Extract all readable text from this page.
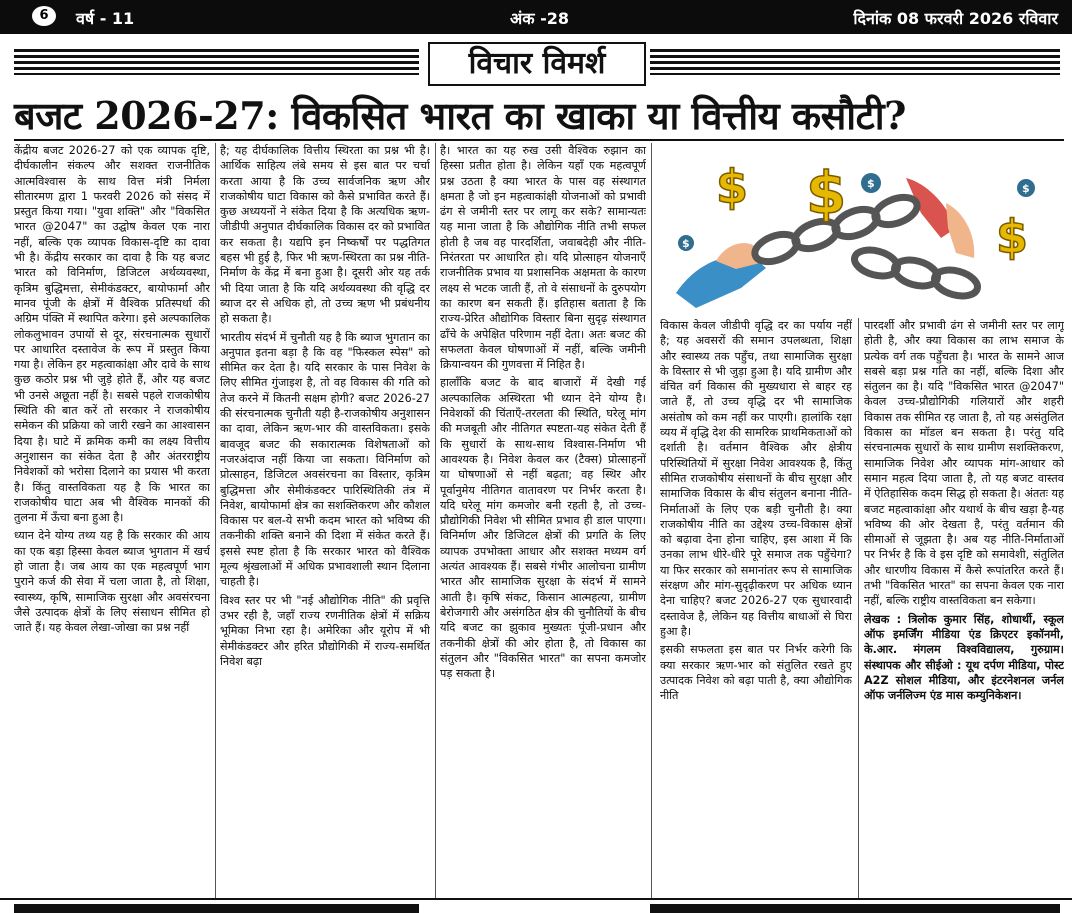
6	वर्ष - 11	अंक -28	दिनांक 08 फरवरी 2026 रविवार
विचार विमर्श
बजट 2026-27: विकसित भारत का खाका या वित्तीय कसौटी?

केंद्रीय बजट 2026-27 को एक व्यापक दृष्टि, दीर्घकालीन संकल्प और सशक्त राजनीतिक आत्मविश्वास के साथ वित्त मंत्री निर्मला सीतारमण द्वारा 1 फरवरी 2026 को संसद में प्रस्तुत किया गया। "युवा शक्ति" और "विकसित भारत @2047" का उद्घोष केवल एक नारा नहीं, बल्कि एक व्यापक विकास-दृष्टि का दावा भी है। केंद्रीय सरकार का दावा है कि यह बजट भारत को विनिर्माण, डिजिटल अर्थव्यवस्था, कृत्रिम बुद्धिमत्ता, सेमीकंडक्टर, बायोफार्मा और मानव पूंजी के क्षेत्रों में वैश्विक प्रतिस्पर्धा की अग्रिम पंक्ति में स्थापित करेगा। इसे अल्पकालिक लोकलुभावन उपायों से दूर, संरचनात्मक सुधारों पर आधारित दस्तावेज के रूप में प्रस्तुत किया गया है। लेकिन हर महत्वाकांक्षा और दावे के साथ कुछ कठोर प्रश्न भी जुड़े होते हैं, और यह बजट भी उनसे अछूता नहीं है। सबसे पहले राजकोषीय स्थिति की बात करें तो सरकार ने राजकोषीय समेकन की प्रक्रिया को जारी रखने का आश्वासन दिया है। घाटे में क्रमिक कमी का लक्ष्य वित्तीय अनुशासन का संकेत देता है और अंतरराष्ट्रीय निवेशकों को भरोसा दिलाने का प्रयास भी करता है। किंतु वास्तविकता यह है कि भारत का राजकोषीय घाटा अब भी वैश्विक मानकों की तुलना में ऊँचा बना हुआ है।

ध्यान देने योग्य तथ्य यह है कि सरकार की आय का एक बड़ा हिस्सा केवल ब्याज भुगतान में खर्च हो जाता है। जब आय का एक महत्वपूर्ण भाग पुराने कर्ज की सेवा में चला जाता है, तो शिक्षा, स्वास्थ्य, कृषि, सामाजिक सुरक्षा और अवसंरचना जैसे उत्पादक क्षेत्रों के लिए संसाधन सीमित हो जाते हैं। यह केवल लेखा-जोखा का प्रश्न नहीं

है; यह दीर्घकालिक वित्तीय स्थिरता का प्रश्न भी है। आर्थिक साहित्य लंबे समय से इस बात पर चर्चा करता आया है कि उच्च सार्वजनिक ऋण और राजकोषीय घाटा विकास को कैसे प्रभावित करते हैं। कुछ अध्ययनों ने संकेत दिया है कि अत्यधिक ऋण-जीडीपी अनुपात दीर्घकालिक विकास दर को प्रभावित कर सकता है। यद्यपि इन निष्कर्षों पर पद्धतिगत बहस भी हुई है, फिर भी ऋण-स्थिरता का प्रश्न नीति-निर्माण के केंद्र में बना हुआ है। दूसरी ओर यह तर्क भी दिया जाता है कि यदि अर्थव्यवस्था की वृद्धि दर ब्याज दर से अधिक हो, तो उच्च ऋण भी प्रबंधनीय हो सकता है।

भारतीय संदर्भ में चुनौती यह है कि ब्याज भुगतान का अनुपात इतना बड़ा है कि वह "फिस्कल स्पेस" को सीमित कर देता है। यदि सरकार के पास निवेश के लिए सीमित गुंजाइश है, तो वह विकास की गति को तेज करने में कितनी सक्षम होगी? बजट 2026-27 की संरचनात्मक चुनौती यही है-राजकोषीय अनुशासन का दावा, लेकिन ऋण-भार की वास्तविकता। इसके बावजूद बजट की सकारात्मक विशेषताओं को नजरअंदाज नहीं किया जा सकता। विनिर्माण को प्रोत्साहन, डिजिटल अवसंरचना का विस्तार, कृत्रिम बुद्धिमत्ता और सेमीकंडक्टर पारिस्थितिकी तंत्र में निवेश, बायोफार्मा क्षेत्र का सशक्तिकरण और कौशल विकास पर बल-ये सभी कदम भारत को भविष्य की तकनीकी शक्ति बनाने की दिशा में संकेत करते हैं। इससे स्पष्ट होता है कि सरकार भारत को वैश्विक मूल्य श्रृंखलाओं में अधिक प्रभावशाली स्थान दिलाना चाहती है।

विश्व स्तर पर भी "नई औद्योगिक नीति" की प्रवृत्ति उभर रही है, जहाँ राज्य रणनीतिक क्षेत्रों में सक्रिय भूमिका निभा रहा है। अमेरिका और यूरोप में भी सेमीकंडक्टर और हरित प्रौद्योगिकी में राज्य-समर्थित निवेश बढ़ा

है। भारत का यह रुख उसी वैश्विक रुझान का हिस्सा प्रतीत होता है। लेकिन यहाँ एक महत्वपूर्ण प्रश्न उठता है क्या भारत के पास वह संस्थागत क्षमता है जो इन महत्वाकांक्षी योजनाओं को प्रभावी ढंग से जमीनी स्तर पर लागू कर सके? सामान्यतः यह माना जाता है कि औद्योगिक नीति तभी सफल होती है जब वह पारदर्शिता, जवाबदेही और नीति-निरंतरता पर आधारित हो। यदि प्रोत्साहन योजनाएँ राजनीतिक प्रभाव या प्रशासनिक अक्षमता के कारण लक्ष्य से भटक जाती हैं, तो वे संसाधनों के दुरुपयोग का कारण बन सकती हैं। इतिहास बताता है कि राज्य-प्रेरित औद्योगिक विस्तार बिना सुदृढ़ संस्थागत ढाँचे के अपेक्षित परिणाम नहीं देता। अतः बजट की सफलता केवल घोषणाओं में नहीं, बल्कि जमीनी क्रियान्वयन की गुणवत्ता में निहित है।

हालाँकि बजट के बाद बाजारों में देखी गई अल्पकालिक अस्थिरता भी ध्यान देने योग्य है। निवेशकों की चिंताएँ-तरलता की स्थिति, घरेलू मांग की मजबूती और नीतिगत स्पष्टता-यह संकेत देती हैं कि सुधारों के साथ-साथ विश्वास-निर्माण भी आवश्यक है। निवेश केवल कर (टैक्स) प्रोत्साहनों या घोषणाओं से नहीं बढ़ता; वह स्थिर और पूर्वानुमेय नीतिगत वातावरण पर निर्भर करता है। यदि घरेलू मांग कमजोर बनी रहती है, तो उच्च-प्रौद्योगिकी निवेश भी सीमित प्रभाव ही डाल पाएगा। विनिर्माण और डिजिटल क्षेत्रों की प्रगति के लिए व्यापक उपभोक्ता आधार और सशक्त मध्यम वर्ग अत्यंत आवश्यक हैं। सबसे गंभीर आलोचना ग्रामीण भारत और सामाजिक सुरक्षा के संदर्भ में सामने आती है। कृषि संकट, किसान आत्महत्या, ग्रामीण बेरोजगारी और असंगठित क्षेत्र की चुनौतियों के बीच यदि बजट का झुकाव मुख्यतः पूंजी-प्रधान और तकनीकी क्षेत्रों की ओर होता है, तो विकास का संतुलन और "विकसित भारत" का सपना कमजोर पड़ सकता है।

$ $
$
$	$
$

विकास केवल जीडीपी वृद्धि दर का पर्याय नहीं है; यह अवसरों की समान उपलब्धता, शिक्षा और स्वास्थ्य तक पहुँच, तथा सामाजिक सुरक्षा के विस्तार से भी जुड़ा हुआ है। यदि ग्रामीण और वंचित वर्ग विकास की मुख्यधारा से बाहर रह जाते हैं, तो उच्च वृद्धि दर भी सामाजिक असंतोष को कम नहीं कर पाएगी। हालांकि रक्षा व्यय में वृद्धि देश की सामरिक प्राथमिकताओं को दर्शाती है। वर्तमान वैश्विक और क्षेत्रीय परिस्थितियों में सुरक्षा निवेश आवश्यक है, किंतु सीमित राजकोषीय संसाधनों के बीच सुरक्षा और सामाजिक विकास के बीच संतुलन बनाना नीति-निर्माताओं के लिए एक बड़ी चुनौती है। क्या राजकोषीय नीति का उद्देश्य उच्च-विकास क्षेत्रों को बढ़ावा देना होना चाहिए, इस आशा में कि उनका लाभ धीरे-धीरे पूरे समाज तक पहुँचेगा? या फिर सरकार को समानांतर रूप से सामाजिक संरक्षण और मांग-सुदृढ़ीकरण पर अधिक ध्यान देना चाहिए? बजट 2026-27 एक सुधारवादी दस्तावेज है, लेकिन यह वित्तीय बाधाओं से घिरा हुआ है।

इसकी सफलता इस बात पर निर्भर करेगी कि क्या सरकार ऋण-भार को संतुलित रखते हुए उत्पादक निवेश को बढ़ा पाती है, क्या औद्योगिक नीति

पारदर्शी और प्रभावी ढंग से जमीनी स्तर पर लागू होती है, और क्या विकास का लाभ समाज के प्रत्येक वर्ग तक पहुँचता है। भारत के सामने आज सबसे बड़ा प्रश्न गति का नहीं, बल्कि दिशा और संतुलन का है। यदि "विकसित भारत @2047" केवल उच्च-प्रौद्योगिकी गलियारों और शहरी विकास तक सीमित रह जाता है, तो यह असंतुलित विकास का मॉडल बन सकता है। परंतु यदि संरचनात्मक सुधारों के साथ ग्रामीण सशक्तिकरण, सामाजिक निवेश और व्यापक मांग-आधार को समान महत्व दिया जाता है, तो यह बजट वास्तव में ऐतिहासिक कदम सिद्ध हो सकता है। अंततः यह बजट महत्वाकांक्षा और यथार्थ के बीच खड़ा है-यह भविष्य की ओर देखता है, परंतु वर्तमान की सीमाओं से जूझता है। अब यह नीति-निर्माताओं पर निर्भर है कि वे इस दृष्टि को समावेशी, संतुलित और धारणीय विकास में कैसे रूपांतरित करते हैं। तभी "विकसित भारत" का सपना केवल एक नारा नहीं, बल्कि राष्ट्रीय वास्तविकता बन सकेगा।

लेखक : त्रिलोक कुमार सिंह, शोधार्थी, स्कूल ऑफ इमर्जिंग मीडिया एंड क्रिएटर इकॉनमी, के.आर. मंगलम विश्वविद्यालय, गुरुग्राम। संस्थापक और सीईओ : यूथ दर्पण मीडिया, पोस्ट A2Z सोशल मीडिया, और इंटरनेशनल जर्नल ऑफ जर्नलिज्म एंड मास कम्युनिकेशन।
